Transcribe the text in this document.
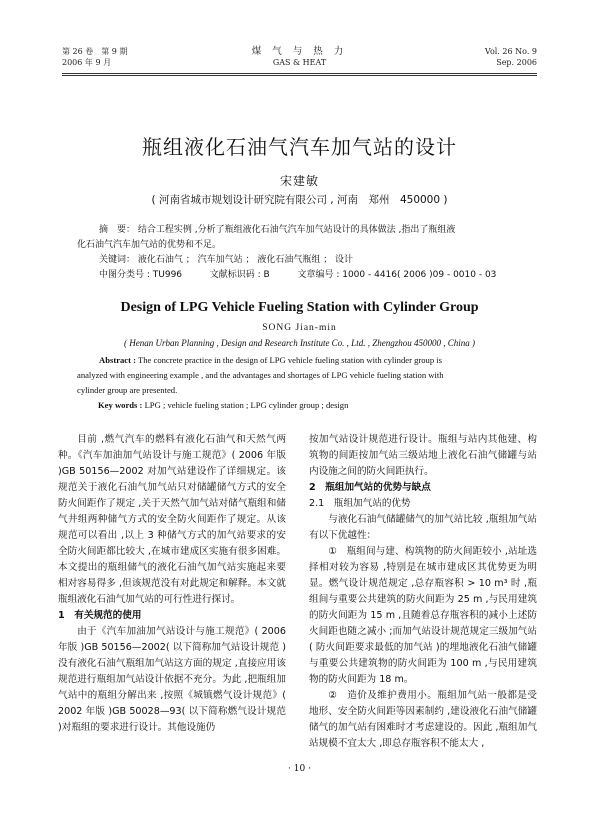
第 26 卷　第 9 期
2006 年 9 月
煤 气 与 热 力
GAS & HEAT
Vol. 26 No. 9
Sep. 2006
瓶组液化石油气汽车加气站的设计
宋建敏
( 河南省城市规划设计研究院有限公司 , 河南　郑州　450000 )
摘　要： 结合工程实例 ,分析了瓶组液化石油气汽车加气站设计的具体做法 ,指出了瓶组液
化石油气汽车加气站的优势和不足。
关键词： 液化石油气 ； 汽车加气站 ； 液化石油气瓶组 ； 设计
中图分类号 : TU996	文献标识码 : B	文章编号 : 1000 - 4416( 2006 )09 - 0010 - 03
Design of LPG Vehicle Fueling Station with Cylinder Group
SONG Jian-min
( Henan Urban Planning , Design and Research Institute Co. , Ltd. , Zhengzhou 450000 , China )
Abstract : The concrete practice in the design of LPG vehicle fueling station with cylinder group is
analyzed with engineering example , and the advantages and shortages of LPG vehicle fueling station with
cylinder group are presented.
Key words : LPG ; vehicle fueling station ; LPG cylinder group ; design

目前 ,燃气汽车的燃料有液化石油气和天然气两种。《汽车加油加气站设计与施工规范》( 2006 年版 )GB 50156—2002 对加气站建设作了详细规定。该规范关于液化石油气加气站只对储罐储气方式的安全防火间距作了规定 ,关于天然气加气站对储气瓶组和储气井组两种储气方式的安全防火间距作了规定。从该规范可以看出 ,以上 3 种储气方式的加气站要求的安全防火间距都比较大 ,在城市建成区实施有很多困难。本文提出的瓶组储气的液化石油气加气站实施起来要相对容易得多 ,但该规范没有对此规定和解释。本文就瓶组液化石油气加气站的可行性进行探讨。

1　有关规范的使用

由于《汽车加油加气站设计与施工规范》( 2006 年版 )GB 50156—2002( 以下简称加气站设计规范 ) 没有液化石油气瓶组加气站这方面的规定 ,直接应用该规范进行瓶组加气站设计依据不充分。为此 ,把瓶组加气站中的瓶组分解出来 ,按照《城镇燃气设计规范》( 2002 年版 )GB 50028—93( 以下简称燃气设计规范 )对瓶组的要求进行设计。其他设施仍

按加气站设计规范进行设计。瓶组与站内其他建、构筑物的间距按加气站三级站地上液化石油气储罐与站内设施之间的防火间距执行。

2　瓶组加气站的优势与缺点

2.1　瓶组加气站的优势

与液化石油气储罐储气的加气站比较 ,瓶组加气站有以下优越性：

①　瓶组间与建、构筑物的防火间距较小 ,站址选择相对较为容易 ,特别是在城市建成区其优势更为明显。燃气设计规范规定 ,总存瓶容积 > 10 m³ 时 ,瓶组间与重要公共建筑的防火间距为 25 m ,与民用建筑的防火间距为 15 m ,且随着总存瓶容积的减小上述防火间距也随之减小 ;而加气站设计规范规定三级加气站( 防火间距要求最低的加气站 )的埋地液化石油气储罐与重要公共建筑物的防火间距为 100 m ,与民用建筑物的防火间距为 18 m。

②　造价及维护费用小。瓶组加气站一般都是受地形、安全防火间距等因素制约 ,建设液化石油气储罐储气的加气站有困难时才考虑建设的。因此 ,瓶组加气站规模不宜太大 ,即总存瓶容积不能太大 ,

· 10 ·
